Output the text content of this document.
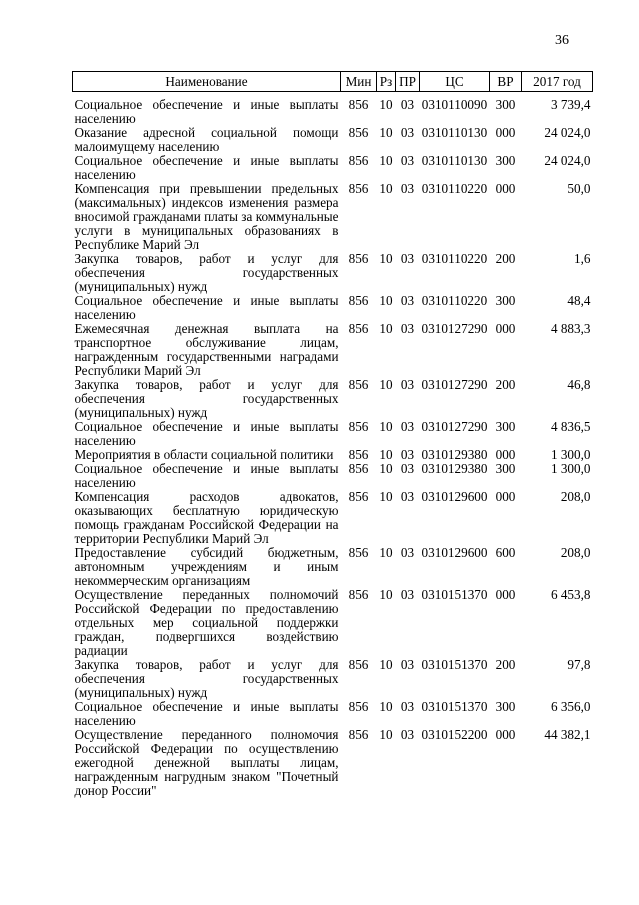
36
Наименование	Мин	Рз	ПР	ЦС	ВР	2017 год

Социальное обеспечение и иные выплаты населению	856	10	03	0310110090	300	3 739,4
Оказание адресной социальной помощи малоимущему населению	856	10	03	0310110130	000	24 024,0
Социальное обеспечение и иные выплаты населению	856	10	03	0310110130	300	24 024,0
Компенсация при превышении предельных (максимальных) индексов изменения размера вносимой гражданами платы за коммунальные услуги в муниципальных образованиях в Республике Марий Эл	856	10	03	0310110220	000	50,0
Закупка товаров, работ и услуг для обеспечения государственных (муниципальных) нужд	856	10	03	0310110220	200	1,6
Социальное обеспечение и иные выплаты населению	856	10	03	0310110220	300	48,4
Ежемесячная денежная выплата на транспортное обслуживание лицам, награжденным государственными наградами Республики Марий Эл	856	10	03	0310127290	000	4 883,3
Закупка товаров, работ и услуг для обеспечения государственных (муниципальных) нужд	856	10	03	0310127290	200	46,8
Социальное обеспечение и иные выплаты населению	856	10	03	0310127290	300	4 836,5
Мероприятия в области социальной политики	856	10	03	0310129380	000	1 300,0
Социальное обеспечение и иные выплаты населению	856	10	03	0310129380	300	1 300,0
Компенсация расходов адвокатов, оказывающих бесплатную юридическую помощь гражданам Российской Федерации на территории Республики Марий Эл	856	10	03	0310129600	000	208,0
Предоставление субсидий бюджетным, автономным учреждениям и иным некоммерческим организациям	856	10	03	0310129600	600	208,0
Осуществление переданных полномочий Российской Федерации по предоставлению отдельных мер социальной поддержки граждан, подвергшихся воздействию радиации	856	10	03	0310151370	000	6 453,8
Закупка товаров, работ и услуг для обеспечения государственных (муниципальных) нужд	856	10	03	0310151370	200	97,8
Социальное обеспечение и иные выплаты населению	856	10	03	0310151370	300	6 356,0
Осуществление переданного полномочия Российской Федерации по осуществлению ежегодной денежной выплаты лицам, награжденным нагрудным знаком "Почетный донор России"	856	10	03	0310152200	000	44 382,1
